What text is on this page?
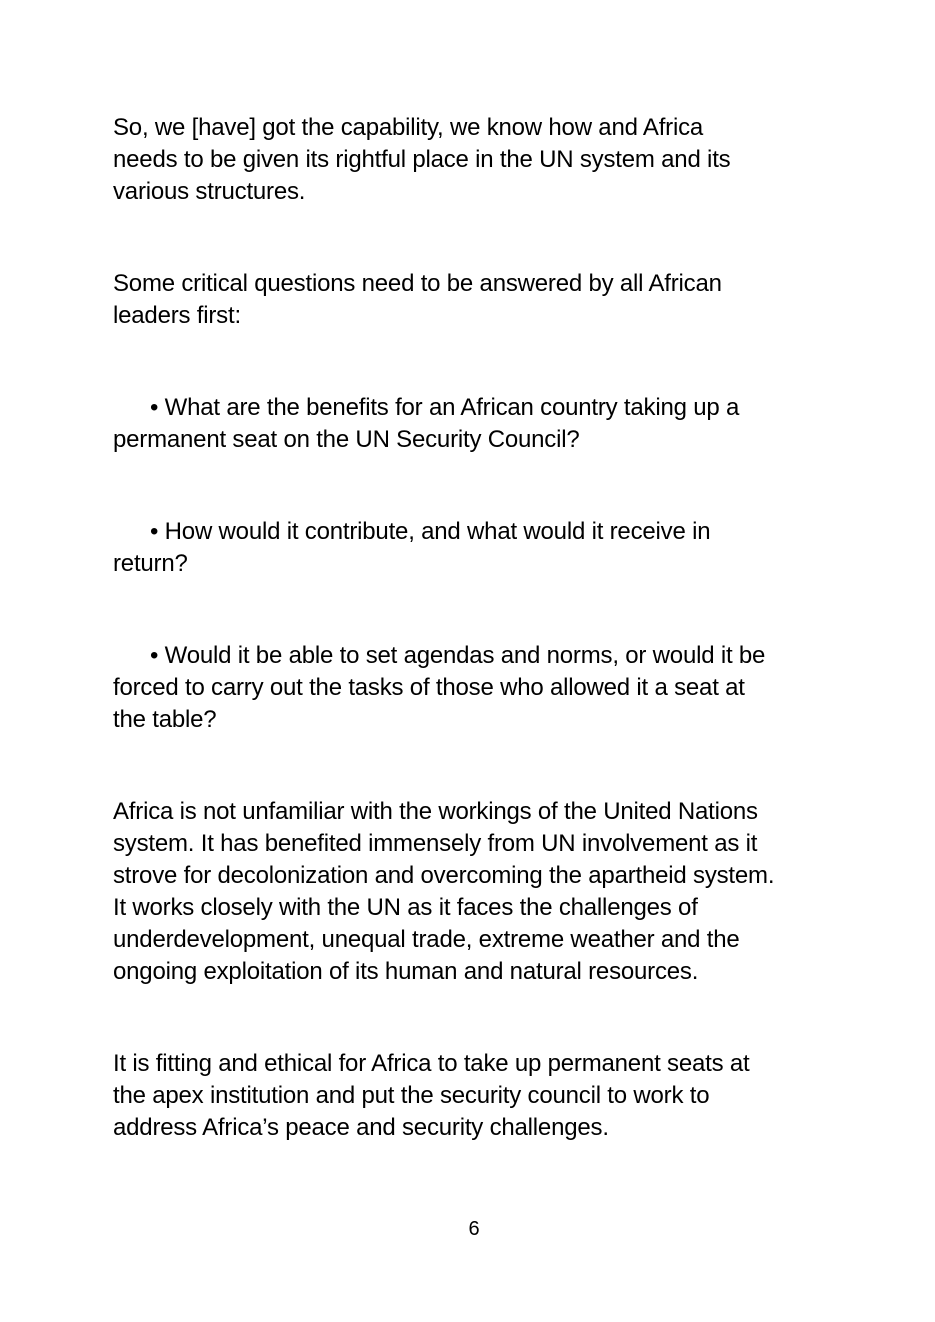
So, we [have] got the capability, we know how and Africa
needs to be given its rightful place in the UN system and its
various structures.
Some critical questions need to be answered by all African
leaders first:
• What are the benefits for an African country taking up a
permanent seat on the UN Security Council?
• How would it contribute, and what would it receive in
return?
• Would it be able to set agendas and norms, or would it be
forced to carry out the tasks of those who allowed it a seat at
the table?
Africa is not unfamiliar with the workings of the United Nations
system. It has benefited immensely from UN involvement as it
strove for decolonization and overcoming the apartheid system.
It works closely with the UN as it faces the challenges of
underdevelopment, unequal trade, extreme weather and the
ongoing exploitation of its human and natural resources.
It is fitting and ethical for Africa to take up permanent seats at
the apex institution and put the security council to work to
address Africa’s peace and security challenges.
6
